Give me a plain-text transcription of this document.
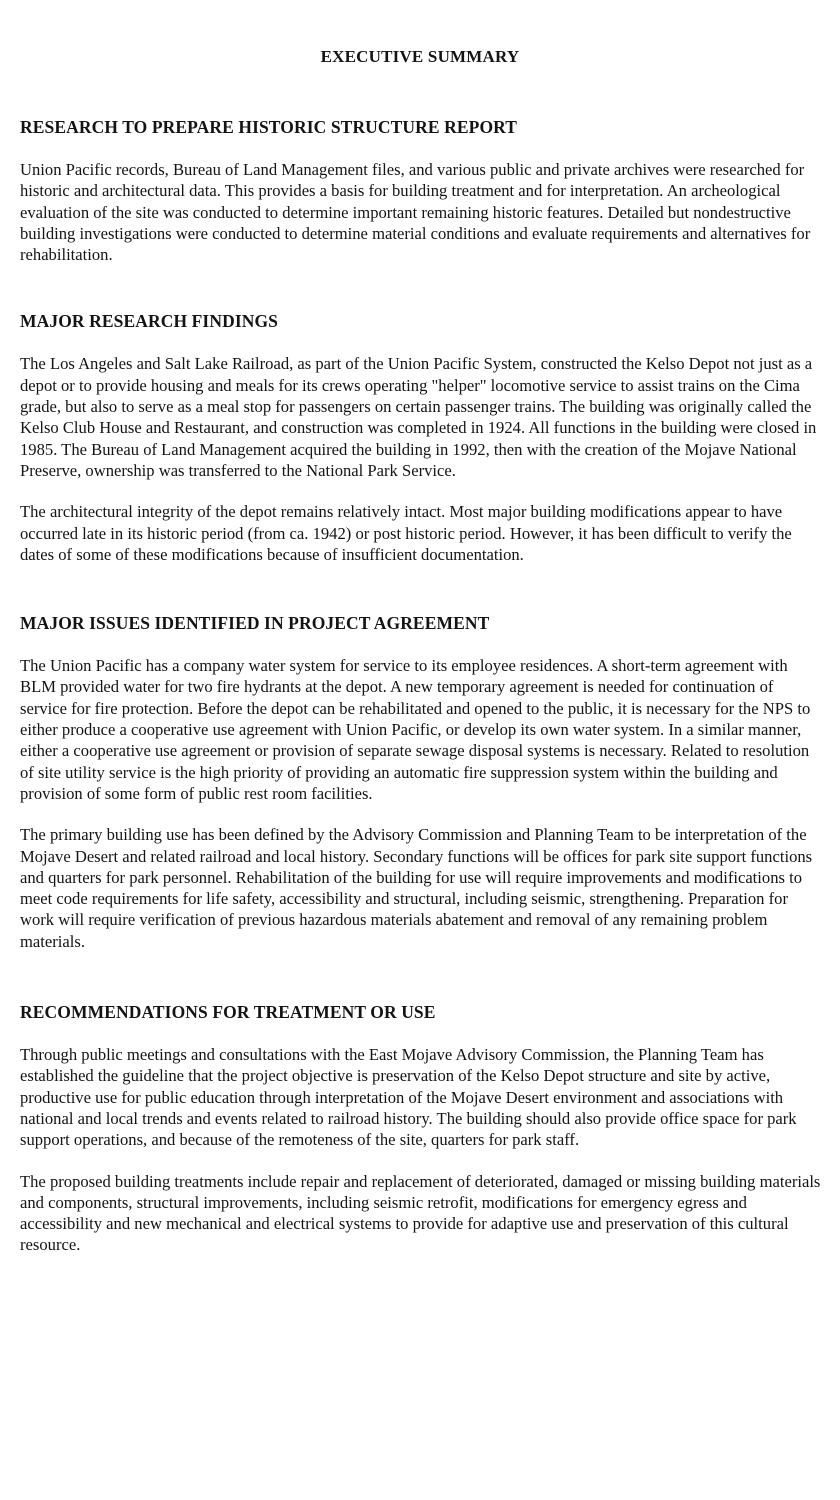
EXECUTIVE SUMMARY
RESEARCH TO PREPARE HISTORIC STRUCTURE REPORT

Union Pacific records, Bureau of Land Management files, and various public and private archives were researched for historic and architectural data. This provides a basis for building treatment and for interpretation. An archeological evaluation of the site was conducted to determine important remaining historic features. Detailed but nondestructive building investigations were conducted to determine material conditions and evaluate requirements and alternatives for rehabilitation.

MAJOR RESEARCH FINDINGS

The Los Angeles and Salt Lake Railroad, as part of the Union Pacific System, constructed the Kelso Depot not just as a depot or to provide housing and meals for its crews operating "helper" locomotive service to assist trains on the Cima grade, but also to serve as a meal stop for passengers on certain passenger trains. The building was originally called the Kelso Club House and Restaurant, and construction was completed in 1924. All functions in the building were closed in 1985. The Bureau of Land Management acquired the building in 1992, then with the creation of the Mojave National Preserve, ownership was transferred to the National Park Service.

The architectural integrity of the depot remains relatively intact. Most major building modifications appear to have occurred late in its historic period (from ca. 1942) or post historic period. However, it has been difficult to verify the dates of some of these modifications because of insufficient documentation.

MAJOR ISSUES IDENTIFIED IN PROJECT AGREEMENT

The Union Pacific has a company water system for service to its employee residences. A short-term agreement with BLM provided water for two fire hydrants at the depot. A new temporary agreement is needed for continuation of service for fire protection. Before the depot can be rehabilitated and opened to the public, it is necessary for the NPS to either produce a cooperative use agreement with Union Pacific, or develop its own water system. In a similar manner, either a cooperative use agreement or provision of separate sewage disposal systems is necessary. Related to resolution of site utility service is the high priority of providing an automatic fire suppression system within the building and provision of some form of public rest room facilities.

The primary building use has been defined by the Advisory Commission and Planning Team to be interpretation of the Mojave Desert and related railroad and local history. Secondary functions will be offices for park site support functions and quarters for park personnel. Rehabilitation of the building for use will require improvements and modifications to meet code requirements for life safety, accessibility and structural, including seismic, strengthening. Preparation for work will require verification of previous hazardous materials abatement and removal of any remaining problem materials.

RECOMMENDATIONS FOR TREATMENT OR USE

Through public meetings and consultations with the East Mojave Advisory Commission, the Planning Team has established the guideline that the project objective is preservation of the Kelso Depot structure and site by active, productive use for public education through interpretation of the Mojave Desert environment and associations with national and local trends and events related to railroad history. The building should also provide office space for park support operations, and because of the remoteness of the site, quarters for park staff.

The proposed building treatments include repair and replacement of deteriorated, damaged or missing building materials and components, structural improvements, including seismic retrofit, modifications for emergency egress and accessibility and new mechanical and electrical systems to provide for adaptive use and preservation of this cultural resource.
